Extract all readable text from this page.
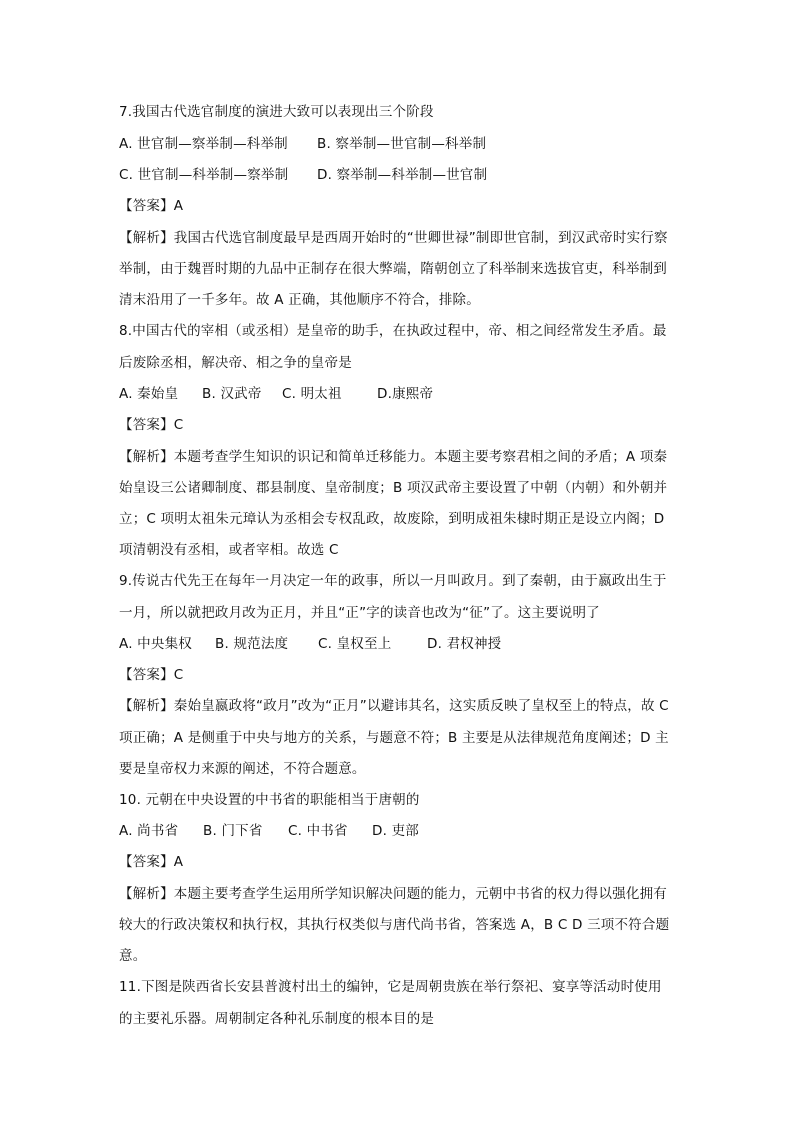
7.我国古代选官制度的演进大致可以表现出三个阶段
A. 世官制—察举制—科举制 B. 察举制—世官制—科举制
C. 世官制—科举制—察举制 D. 察举制—科举制—世官制
【答案】A
【解析】我国古代选官制度最早是西周开始时的“世卿世禄”制即世官制，到汉武帝时实行察
举制，由于魏晋时期的九品中正制存在很大弊端，隋朝创立了科举制来选拔官吏，科举制到
清末沿用了一千多年。故 A 正确，其他顺序不符合，排除。
8.中国古代的宰相（或丞相）是皇帝的助手，在执政过程中，帝、相之间经常发生矛盾。最
后废除丞相，解决帝、相之争的皇帝是
A. 秦始皇 B. 汉武帝 C. 明太祖	D.康熙帝
【答案】C
【解析】本题考查学生知识的识记和简单迁移能力。本题主要考察君相之间的矛盾；A 项秦
始皇设三公诸卿制度、郡县制度、皇帝制度；B 项汉武帝主要设置了中朝（内朝）和外朝并
立；C 项明太祖朱元璋认为丞相会专权乱政，故废除，到明成祖朱棣时期正是设立内阁；D
项清朝没有丞相，或者宰相。故选 C
9.传说古代先王在每年一月决定一年的政事，所以一月叫政月。到了秦朝，由于嬴政出生于
一月，所以就把政月改为正月，并且“正”字的读音也改为“征”了。这主要说明了
A. 中央集权 B. 规范法度 C. 皇权至上	D. 君权神授
【答案】C
【解析】秦始皇嬴政将“政月”改为“正月”以避讳其名，这实质反映了皇权至上的特点，故 C
项正确；A 是侧重于中央与地方的关系，与题意不符；B 主要是从法律规范角度阐述；D 主
要是皇帝权力来源的阐述，不符合题意。
10. 元朝在中央设置的中书省的职能相当于唐朝的
A. 尚书省 B. 门下省 C. 中书省 D. 吏部
【答案】A
【解析】本题主要考查学生运用所学知识解决问题的能力，元朝中书省的权力得以强化拥有
较大的行政决策权和执行权，其执行权类似与唐代尚书省，答案选 A，B C D 三项不符合题
意。
11.下图是陕西省长安县普渡村出土的编钟，它是周朝贵族在举行祭祀、宴享等活动时使用
的主要礼乐器。周朝制定各种礼乐制度的根本目的是
